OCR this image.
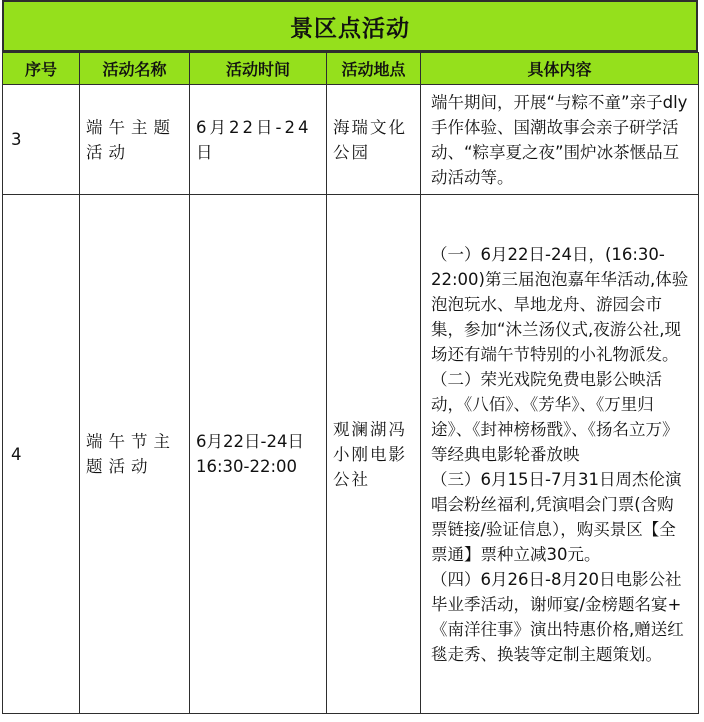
景区点活动
序号	活动名称	活动时间	活动地点	具体内容
3	端午主题活动	6月22日-24日	海瑞文化公园	端午期间，开展“与粽不童”亲子dly手作体验、国潮故事会亲子研学活动、“粽享夏之夜”围炉冰茶惬品互动活动等。

4	端午节主题活动	6月22日-24日 16:30-22:00	观澜湖冯小刚电影公社	（一）6月22日-24日，(16:30-22:00)第三届泡泡嘉年华活动,体验泡泡玩水、旱地龙舟、游园会市集，参加“沐兰汤仪式,夜游公社,现场还有端午节特别的小礼物派发。

（二）荣光戏院免费电影公映活动，《八佰》、《芳华》、《万里归途》、《封神榜杨戬》、《扬名立万》等经典电影轮番放映

（三）6月15日-7月31日周杰伦演唱会粉丝福利,凭演唱会门票(含购票链接/验证信息），购买景区【全票通】票种立减30元。

（四）6月26日-8月20日电影公社毕业季活动，谢师宴/金榜题名宴+《南洋往事》演出特惠价格,赠送红毯走秀、换装等定制主题策划。
